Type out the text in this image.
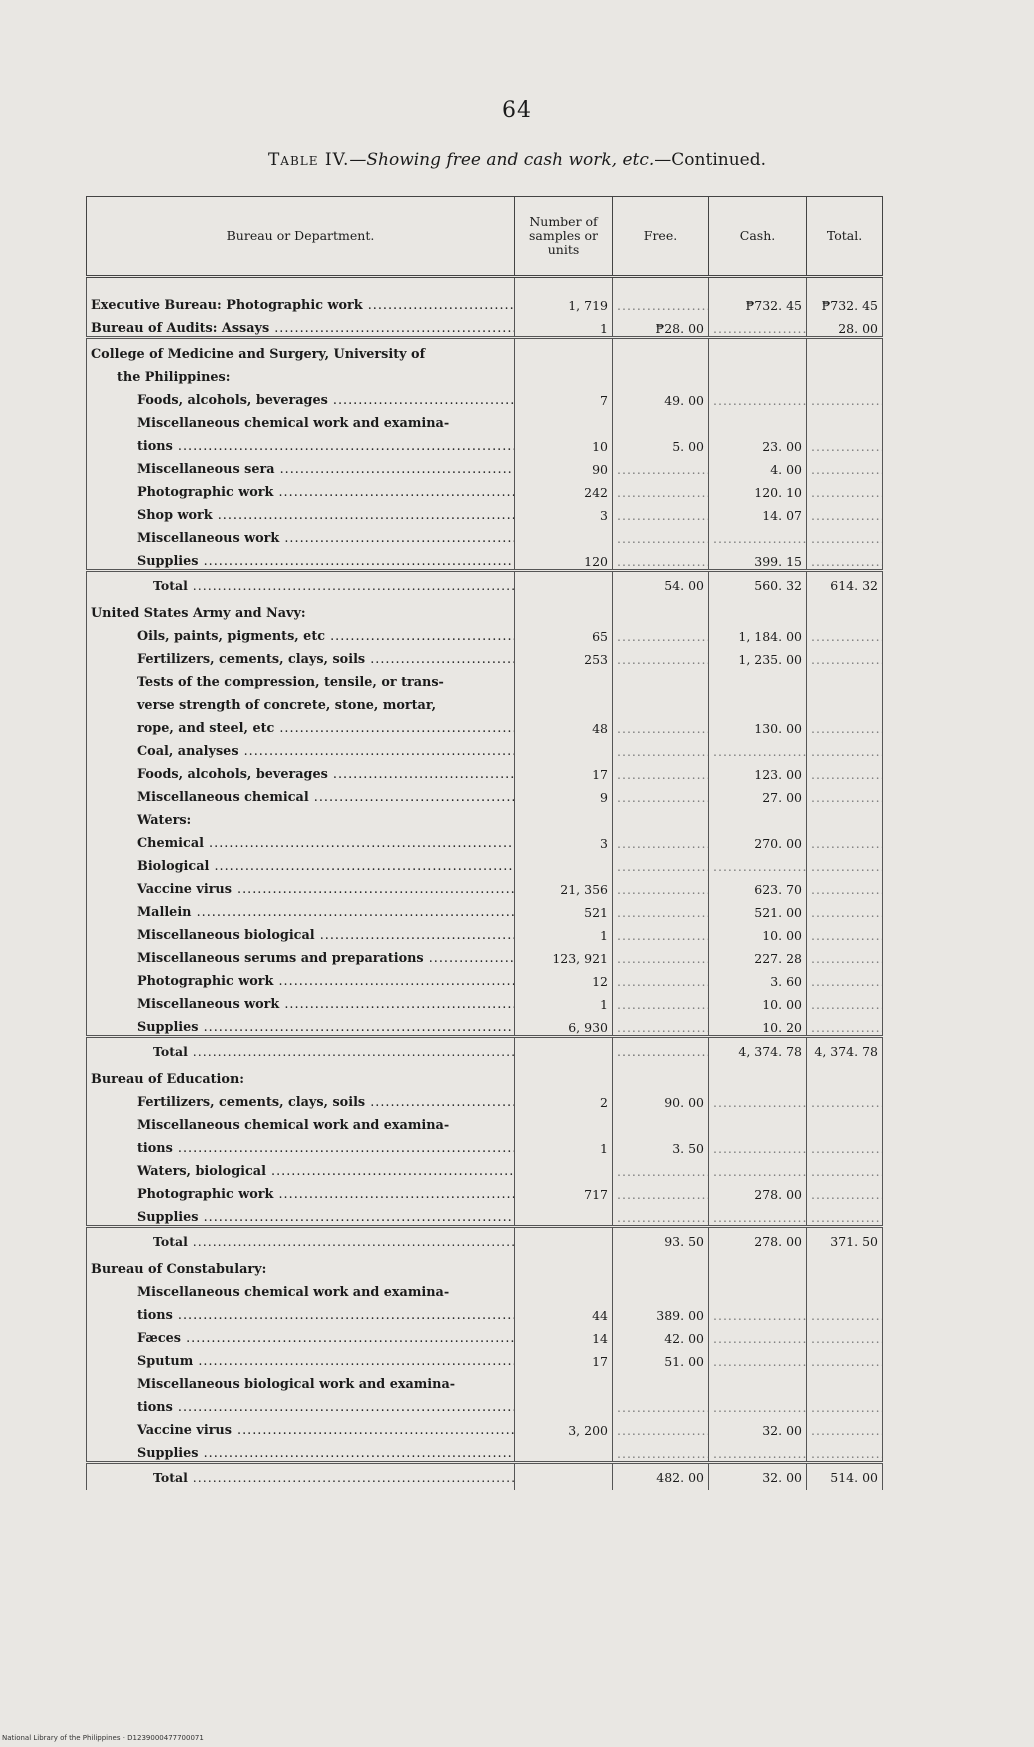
64
Table IV.—Showing free and cash work, etc.—Continued.
Bureau or Department.	Number of samples or units	Free.	Cash.	Total.

Executive Bureau: Photographic work .....	1, 719	.....	₱732. 45	₱732. 45
Bureau of Audits: Assays .....	1	₱28. 00	.....	28. 00
College of Medicine and Surgery, University of				
the Philippines:				
Foods, alcohols, beverages .....	7	49. 00	.....	.....
Miscellaneous chemical work and examina-				
tions .....	10	5. 00	23. 00	.....
Miscellaneous sera .....	90	.....	4. 00	.....
Photographic work .....	242	.....	120. 10	.....
Shop work .....	3	.....	14. 07	.....
Miscellaneous work .....		.....	.....	.....
Supplies .....	120	.....	399. 15	.....
Total .....		54. 00	560. 32	614. 32
United States Army and Navy:				
Oils, paints, pigments, etc .....	65	.....	1, 184. 00	.....
Fertilizers, cements, clays, soils .....	253	.....	1, 235. 00	.....
Tests of the compression, tensile, or trans-				
verse strength of concrete, stone, mortar,				
rope, and steel, etc .....	48	.....	130. 00	.....
Coal, analyses .....		.....	.....	.....
Foods, alcohols, beverages .....	17	.....	123. 00	.....
Miscellaneous chemical .....	9	.....	27. 00	.....
Waters:				
Chemical .....	3	.....	270. 00	.....
Biological .....		.....	.....	.....
Vaccine virus .....	21, 356	.....	623. 70	.....
Mallein .....	521	.....	521. 00	.....
Miscellaneous biological .....	1	.....	10. 00	.....
Miscellaneous serums and preparations .....	123, 921	.....	227. 28	.....
Photographic work .....	12	.....	3. 60	.....
Miscellaneous work .....	1	.....	10. 00	.....
Supplies .....	6, 930	.....	10. 20	.....
Total .....		.....	4, 374. 78	4, 374. 78
Bureau of Education:				
Fertilizers, cements, clays, soils .....	2	90. 00	.....	.....
Miscellaneous chemical work and examina-				
tions .....	1	3. 50	.....	.....
Waters, biological .....		.....	.....	.....
Photographic work .....	717	.....	278. 00	.....
Supplies .....		.....	.....	.....
Total .....		93. 50	278. 00	371. 50
Bureau of Constabulary:				
Miscellaneous chemical work and examina-				
tions .....	44	389. 00	.....	.....
Fæces .....	14	42. 00	.....	.....
Sputum .....	17	51. 00	.....	.....
Miscellaneous biological work and examina-				
tions .....		.....	.....	.....
Vaccine virus .....	3, 200	.....	32. 00	.....
Supplies .....		.....	.....	.....
Total .....		482. 00	32. 00	514. 00
National Library of the Philippines · D1239000477700071
